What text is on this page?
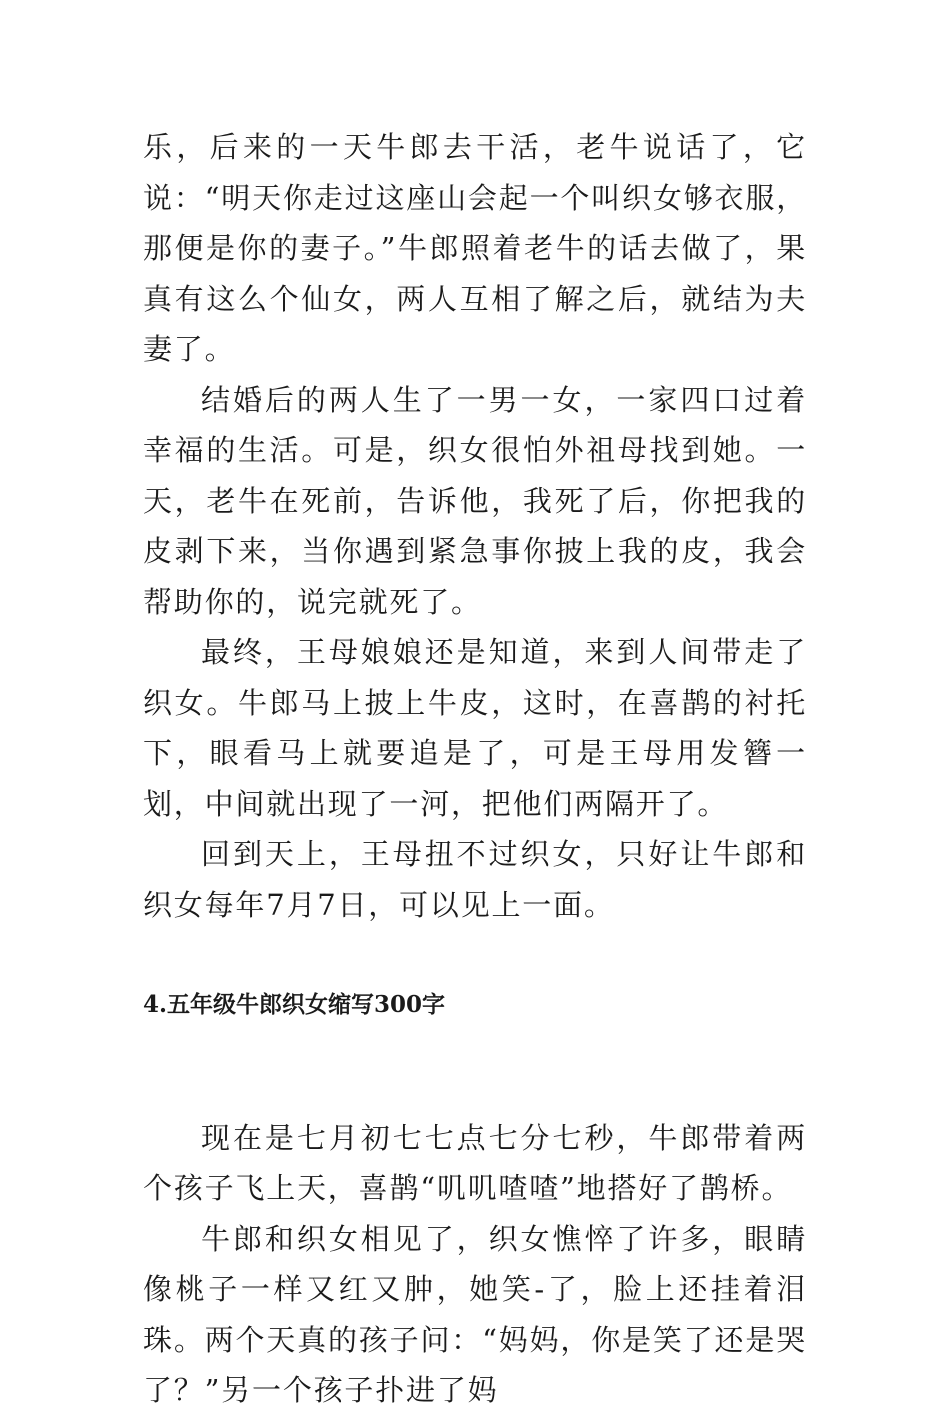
乐，后来的一天牛郎去干活，老牛说话了，它说：“明天你走过这座山会起一个叫织女够衣服，那便是你的妻子。”牛郎照着老牛的话去做了，果真有这么个仙女，两人互相了解之后，就结为夫妻了。

结婚后的两人生了一男一女，一家四口过着幸福的生活。可是，织女很怕外祖母找到她。一天，老牛在死前，告诉他，我死了后，你把我的皮剥下来，当你遇到紧急事你披上我的皮，我会帮助你的，说完就死了。

最终，王母娘娘还是知道，来到人间带走了织女。牛郎马上披上牛皮，这时，在喜鹊的衬托下，眼看马上就要追是了，可是王母用发簪一划，中间就出现了一河，把他们两隔开了。

回到天上，王母扭不过织女，只好让牛郎和织女每年7月7日，可以见上一面。

4.五年级牛郎织女缩写300字

现在是七月初七七点七分七秒，牛郎带着两个孩子飞上天，喜鹊“叽叽喳喳”地搭好了鹊桥。

牛郎和织女相见了，织女憔悴了许多，眼睛像桃子一样又红又肿，她笑-了，脸上还挂着泪珠。两个天真的孩子问：“妈妈，你是笑了还是哭了？”另一个孩子扑进了妈
